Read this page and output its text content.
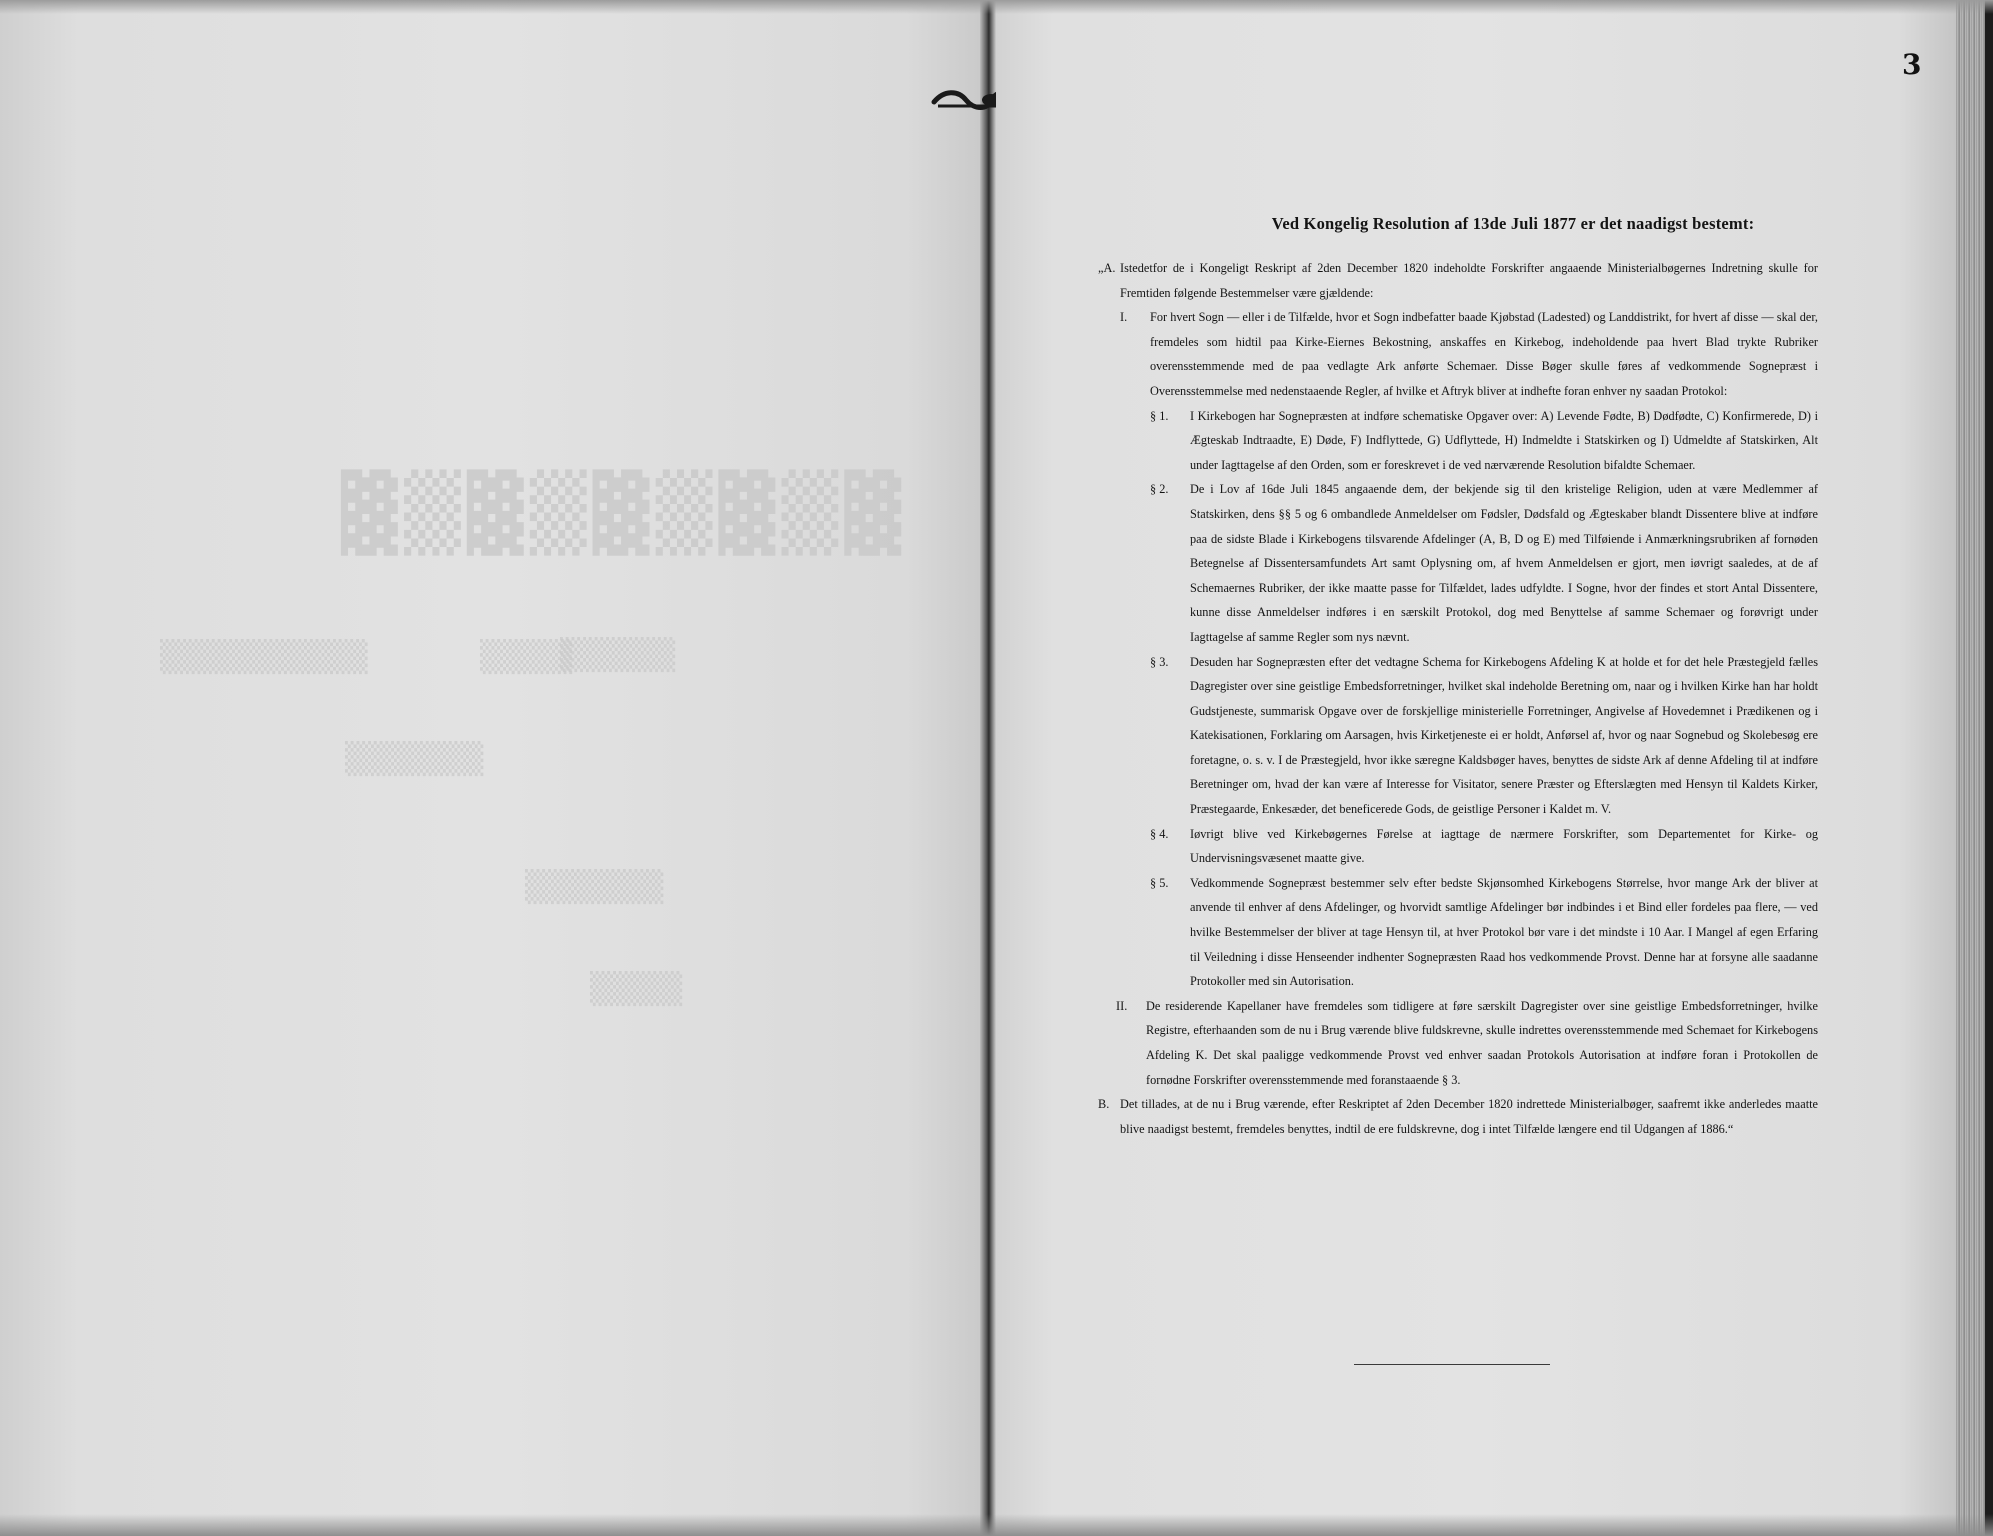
▓▒▓▒▓▒▓▒▓
▒▒▒▒▒▒▒▒▒	▒▒▒▒
▒▒▒▒▒
▒▒▒▒▒▒
▒▒▒▒▒▒
▒▒▒▒
3
Ved Kongelig Resolution af 13de Juli 1877 er det naadigst bestemt:
„A. Istedetfor de i Kongeligt Reskript af 2den December 1820 indeholdte Forskrifter angaaende Ministerialbøgernes Indretning skulle for Fremtiden følgende Bestemmelser være gjældende:
I.	For hvert Sogn — eller i de Tilfælde, hvor et Sogn indbefatter baade Kjøbstad (Ladested) og Landdistrikt, for hvert af disse — skal der, fremdeles som hidtil paa Kirke-Eiernes Bekostning, anskaffes en Kirkebog, indeholdende paa hvert Blad trykte Rubriker overensstemmende med de paa vedlagte Ark anførte Schemaer. Disse Bøger skulle føres af vedkommende Sognepræst i Overensstemmelse med nedenstaaende Regler, af hvilke et Aftryk bliver at indhefte foran enhver ny saadan Protokol:
§ 1.	I Kirkebogen har Sognepræsten at indføre schematiske Opgaver over: A) Levende Fødte, B) Dødfødte, C) Konfirmerede, D) i Ægteskab Indtraadte, E) Døde, F) Indflyttede, G) Udflyttede, H) Indmeldte i Statskirken og I) Udmeldte af Statskirken, Alt under Iagttagelse af den Orden, som er foreskrevet i de ved nærværende Resolution bifaldte Schemaer.
§ 2.	De i Lov af 16de Juli 1845 angaaende dem, der bekjende sig til den kristelige Religion, uden at være Medlemmer af Statskirken, dens §§ 5 og 6 ombandlede Anmeldelser om Fødsler, Dødsfald og Ægteskaber blandt Dissentere blive at indføre paa de sidste Blade i Kirkebogens tilsvarende Afdelinger (A, B, D og E) med Tilføiende i Anmærkningsrubriken af fornøden Betegnelse af Dissentersamfundets Art samt Oplysning om, af hvem Anmeldelsen er gjort, men iøvrigt saaledes, at de af Schemaernes Rubriker, der ikke maatte passe for Tilfældet, lades udfyldte. I Sogne, hvor der findes et stort Antal Dissentere, kunne disse Anmeldelser indføres i en særskilt Protokol, dog med Benyttelse af samme Schemaer og forøvrigt under Iagttagelse af samme Regler som nys nævnt.
§ 3.	Desuden har Sognepræsten efter det vedtagne Schema for Kirkebogens Afdeling K at holde et for det hele Præstegjeld fælles Dagregister over sine geistlige Embedsforretninger, hvilket skal indeholde Beretning om, naar og i hvilken Kirke han har holdt Gudstjeneste, summarisk Opgave over de forskjellige ministerielle Forretninger, Angivelse af Hovedemnet i Prædikenen og i Katekisationen, Forklaring om Aarsagen, hvis Kirketjeneste ei er holdt, Anførsel af, hvor og naar Sognebud og Skolebesøg ere foretagne, o. s. v. I de Præstegjeld, hvor ikke særegne Kaldsbøger haves, benyttes de sidste Ark af denne Afdeling til at indføre Beretninger om, hvad der kan være af Interesse for Visitator, senere Præster og Efterslægten med Hensyn til Kaldets Kirker, Præstegaarde, Enkesæder, det beneficerede Gods, de geistlige Personer i Kaldet m. V.
§ 4.	Iøvrigt blive ved Kirkebøgernes Førelse at iagttage de nærmere Forskrifter, som Departementet for Kirke- og Undervisningsvæsenet maatte give.
§ 5.	Vedkommende Sognepræst bestemmer selv efter bedste Skjønsomhed Kirkebogens Størrelse, hvor mange Ark der bliver at anvende til enhver af dens Afdelinger, og hvorvidt samtlige Afdelinger bør indbindes i et Bind eller fordeles paa flere, — ved hvilke Bestemmelser der bliver at tage Hensyn til, at hver Protokol bør vare i det mindste i 10 Aar. I Mangel af egen Erfaring til Veiledning i disse Henseender indhenter Sognepræsten Raad hos vedkommende Provst. Denne har at forsyne alle saadanne Protokoller med sin Autorisation.
II.	De residerende Kapellaner have fremdeles som tidligere at føre særskilt Dagregister over sine geistlige Embedsforretninger, hvilke Registre, efterhaanden som de nu i Brug værende blive fuldskrevne, skulle indrettes overensstemmende med Schemaet for Kirkebogens Afdeling K. Det skal paaligge vedkommende Provst ved enhver saadan Protokols Autorisation at indføre foran i Protokollen de fornødne Forskrifter overensstemmende med foranstaaende § 3.
B. Det tillades, at de nu i Brug værende, efter Reskriptet af 2den December 1820 indrettede Ministerialbøger, saafremt ikke anderledes maatte blive naadigst bestemt, fremdeles benyttes, indtil de ere fuldskrevne, dog i intet Tilfælde længere end til Udgangen af 1886.“
